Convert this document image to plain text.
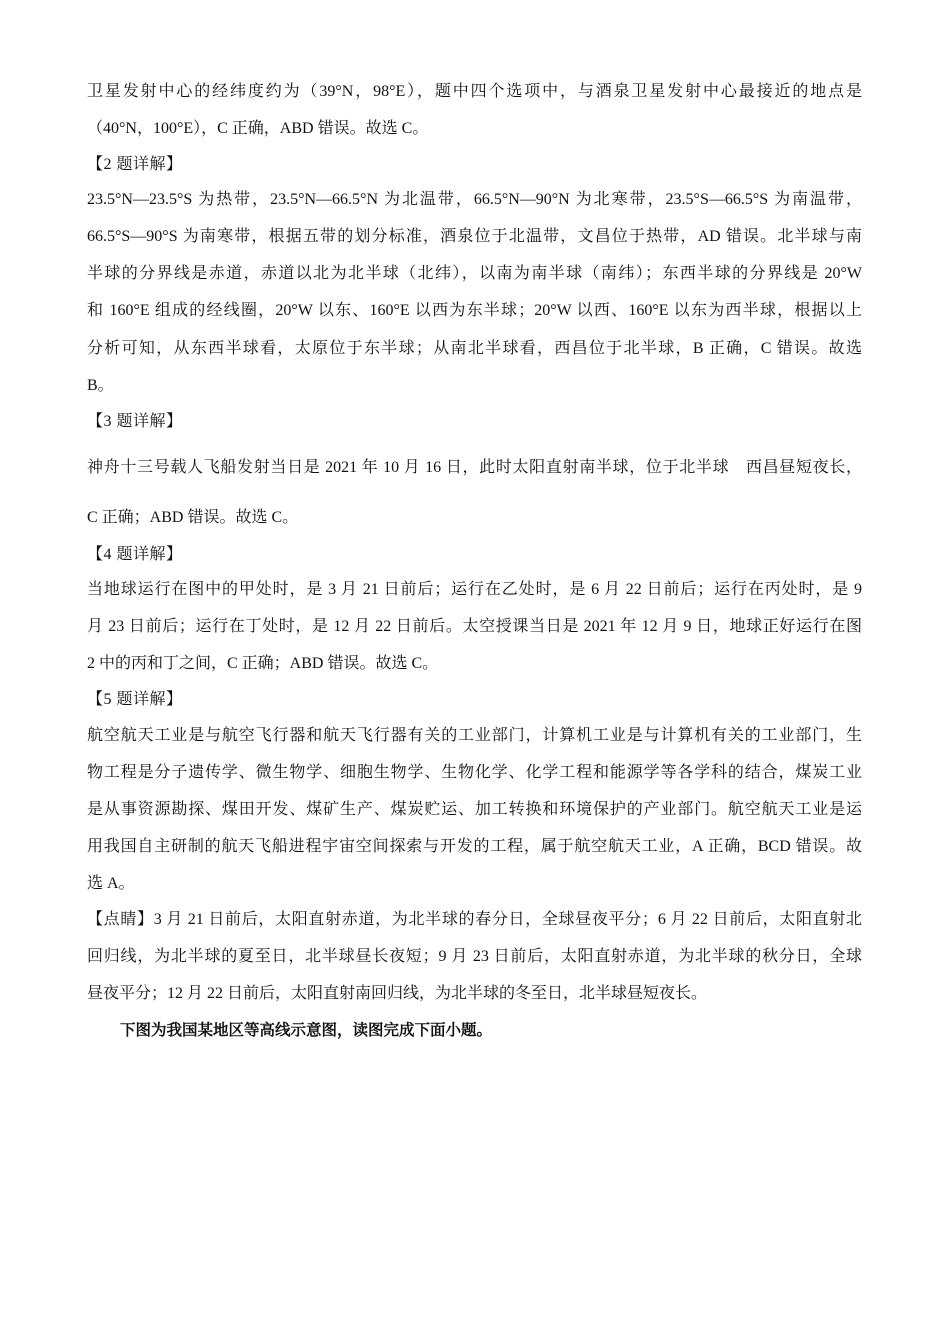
卫星发射中心的经纬度约为（39°N，98°E），题中四个选项中，与酒泉卫星发射中心最接近的地点是
（40°N，100°E），C 正确，ABD 错误。故选 C。
【2 题详解】
23.5°N—23.5°S 为热带，23.5°N—66.5°N 为北温带，66.5°N—90°N 为北寒带，23.5°S—66.5°S 为南温带，
66.5°S—90°S 为南寒带，根据五带的划分标准，酒泉位于北温带，文昌位于热带，AD 错误。北半球与南
半球的分界线是赤道，赤道以北为北半球（北纬），以南为南半球（南纬）；东西半球的分界线是 20°W
和 160°E 组成的经线圈，20°W 以东、160°E 以西为东半球；20°W 以西、160°E 以东为西半球，根据以上
分析可知，从东西半球看，太原位于东半球；从南北半球看，西昌位于北半球，B 正确，C 错误。故选
B。
【3 题详解】
神舟十三号载人飞船发射当日是 2021 年 10 月 16 日，此时太阳直射南半球，位于北半球　西昌昼短夜长，
C 正确；ABD 错误。故选 C。
【4 题详解】
当地球运行在图中的甲处时，是 3 月 21 日前后；运行在乙处时，是 6 月 22 日前后；运行在丙处时，是 9
月 23 日前后；运行在丁处时，是 12 月 22 日前后。太空授课当日是 2021 年 12 月 9 日，地球正好运行在图
2 中的丙和丁之间，C 正确；ABD 错误。故选 C。
【5 题详解】
航空航天工业是与航空飞行器和航天飞行器有关的工业部门，计算机工业是与计算机有关的工业部门，生
物工程是分子遗传学、微生物学、细胞生物学、生物化学、化学工程和能源学等各学科的结合，煤炭工业
是从事资源勘探、煤田开发、煤矿生产、煤炭贮运、加工转换和环境保护的产业部门。航空航天工业是运
用我国自主研制的航天飞船进程宇宙空间探索与开发的工程，属于航空航天工业，A 正确，BCD 错误。故
选 A。
【点睛】3 月 21 日前后，太阳直射赤道，为北半球的春分日，全球昼夜平分；6 月 22 日前后，太阳直射北
回归线，为北半球的夏至日，北半球昼长夜短；9 月 23 日前后，太阳直射赤道，为北半球的秋分日，全球
昼夜平分；12 月 22 日前后，太阳直射南回归线，为北半球的冬至日，北半球昼短夜长。
下图为我国某地区等高线示意图，读图完成下面小题。
